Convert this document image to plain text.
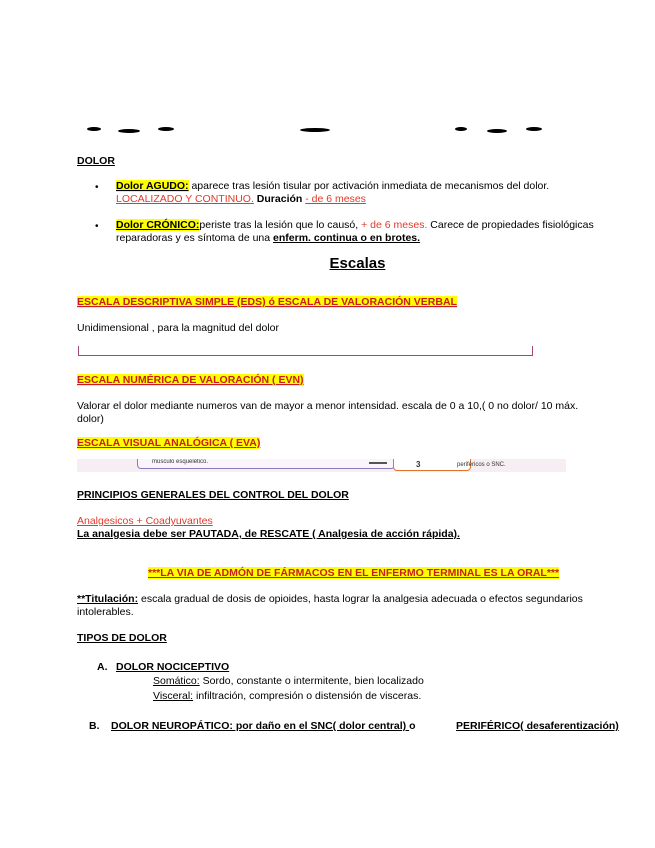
DOLOR
• Dolor AGUDO: aparece tras lesión tisular por activación inmediata de mecanismos del dolor.
LOCALIZADO Y CONTINUO. Duración - de 6 meses
• Dolor CRÓNICO:periste tras la lesión que lo causó, + de 6 meses. Carece de propiedades fisiológicas
reparadoras y es síntoma de una enferm. continua o en brotes.
Escalas
ESCALA DESCRIPTIVA SIMPLE (EDS) ó ESCALA DE VALORACIÓN VERBAL
Unidimensional , para la magnitud del dolor
ESCALA NUMÉRICA DE VALORACIÓN ( EVN)
Valorar el dolor mediante numeros van de mayor a menor intensidad. escala de 0 a 10,( 0 no dolor/ 10 máx.
dolor)
ESCALA VISUAL ANALÓGICA ( EVA)
músculo esquelético.	3	periféricos o SNC.
PRINCIPIOS GENERALES DEL CONTROL DEL DOLOR
Analgesicos + Coadyuvantes
La analgesia debe ser PAUTADA, de RESCATE ( Analgesia de acción rápida).
***LA VIA DE ADMÓN DE FÁRMACOS EN EL ENFERMO TERMINAL ES LA ORAL***
**Titulación: escala gradual de dosis de opioides, hasta lograr la analgesia adecuada o efectos segundarios
intolerables.
TIPOS DE DOLOR
A. DOLOR NOCICEPTIVO
Somático: Sordo, constante o intermitente, bien localizado
Visceral: infiltración, compresión o distensión de visceras.
B. DOLOR NEUROPÁTICO: por daño en el SNC( dolor central) o	PERIFÉRICO( desaferentización)
